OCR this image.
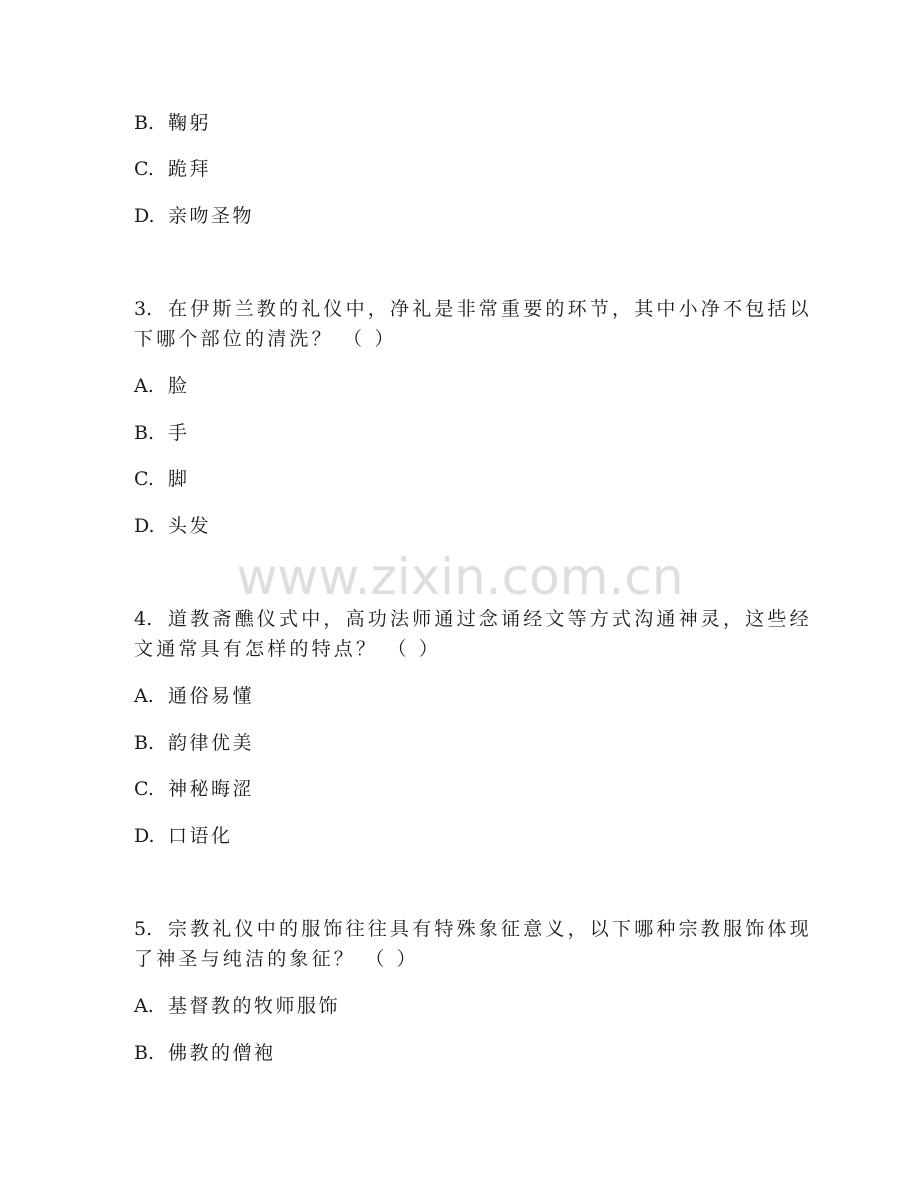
B. 鞠躬
C. 跪拜
D. 亲吻圣物
3. 在伊斯兰教的礼仪中，净礼是非常重要的环节，其中小净不包括以
下哪个部位的清洗？ （ ）
A. 脸
B. 手
C. 脚
D. 头发
www.zixin.com.cn
4. 道教斋醮仪式中，高功法师通过念诵经文等方式沟通神灵，这些经
文通常具有怎样的特点？ （ ）
A. 通俗易懂
B. 韵律优美
C. 神秘晦涩
D. 口语化
5. 宗教礼仪中的服饰往往具有特殊象征意义，以下哪种宗教服饰体现
了神圣与纯洁的象征？ （ ）
A. 基督教的牧师服饰
B. 佛教的僧袍
